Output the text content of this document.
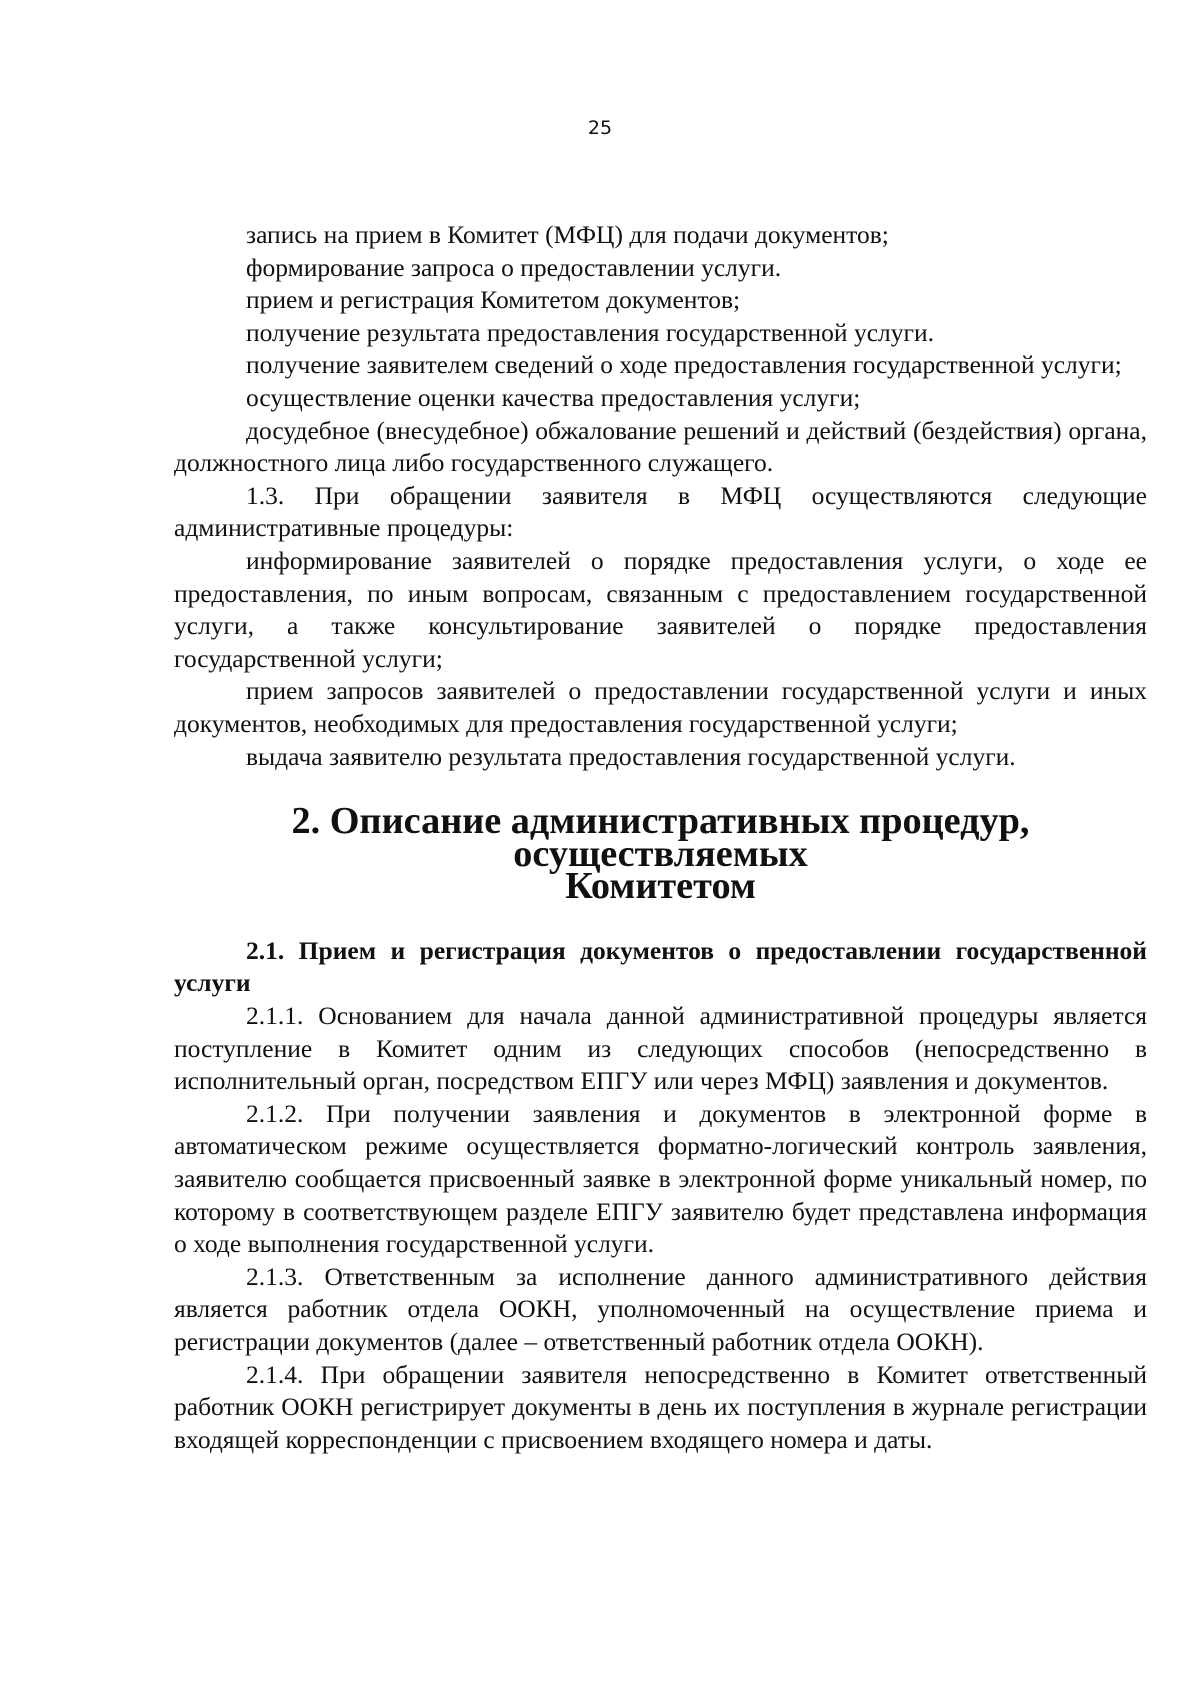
25

запись на прием в Комитет (МФЦ) для подачи документов;

формирование запроса о предоставлении услуги.

прием и регистрация Комитетом документов;

получение результата предоставления государственной услуги.

получение заявителем сведений о ходе предоставления государственной услуги;

осуществление оценки качества предоставления услуги;

досудебное (внесудебное) обжалование решений и действий (бездействия) органа, должностного лица либо государственного служащего.

1.3. При обращении заявителя в МФЦ осуществляются следующие административные процедуры:

информирование заявителей о порядке предоставления услуги, о ходе ее предоставления, по иным вопросам, связанным с предоставлением государственной услуги, а также консультирование заявителей о порядке предоставления государственной услуги;

прием запросов заявителей о предоставлении государственной услуги и иных документов, необходимых для предоставления государственной услуги;

выдача заявителю результата предоставления государственной услуги.

2. Описание административных процедур, осуществляемых
Комитетом

2.1. Прием и регистрация документов о предоставлении государственной услуги

2.1.1. Основанием для начала данной административной процедуры является поступление в Комитет одним из следующих способов (непосредственно в исполнительный орган, посредством ЕПГУ или через МФЦ) заявления и документов.

2.1.2. При получении заявления и документов в электронной форме в автоматическом режиме осуществляется форматно-логический контроль заявления, заявителю сообщается присвоенный заявке в электронной форме уникальный номер, по которому в соответствующем разделе ЕПГУ заявителю будет представлена информация о ходе выполнения государственной услуги.

2.1.3. Ответственным за исполнение данного административного действия является работник отдела ООКН, уполномоченный на осуществление приема и регистрации документов (далее – ответственный работник отдела ООКН).

2.1.4. При обращении заявителя непосредственно в Комитет ответственный работник ООКН регистрирует документы в день их поступления в журнале регистрации входящей корреспонденции с присвоением входящего номера и даты.
